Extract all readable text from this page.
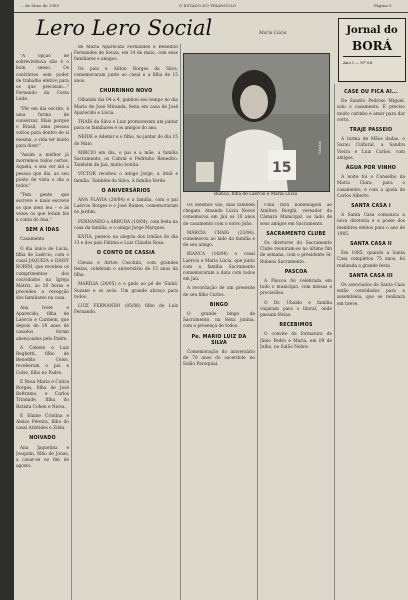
... de Maio de 1985	O ESTADO DO TRIANGULO	Página 5
Lero Lero Social	Maria Lúcia	Jornal do
BORÁ
Ano I — Nº 04

"A opção de sobrevivência não é o bom senso. Os contrários sem poder de trabalho efetivo para os que precisam…" Fernando da Costa Leite.

"Pôr em dia escrito, é uma forma de conservar. Mais porque o Brasil, uma pessoa voltou para dentro de si mesma, a vida ter muito para dizer."

"Assim a melhor já morremos todos certos. Aquela, o seu ver até a pessoa que diz, ao seu ponto de vista o dia a todos."

"Tem gente que escreve e mais escreve os que nem leu – e às vezes os que leram fez a conta do Ana."

SEM A ÍDAS

Casamento

O dia único de Lucia, filha de Laércio, com o casal JAQUEIA e DAISY BORIM, que recebeu os cumprimentos dos convidados na Igreja Matriz, às 16 horas e procedeu a recepção dos familiares na casa.

Ana Ivete e Aparecido, filha de Laércio e Carmem, que depois de 18 anos de casados foram abençoados pelo Padre.

A Celeste e Luiz Beghetti, filho de Benedito Celso, receberam o pai e Celso, filho no Padre.

E Rosa Maria e Catira Borges, filha de José Beltrame, e Carlos Trindade, filha do Batista Cohen e Neiva.

E Elaine Cristina e Aleixo Pereira, filho do casal Aristides e Zilda.

NOIVADO

Ana Jaquelina e Joaquim, filho de Jonas, a casar-se no fim de agosto.

de Maria Aparecida Fernandes e Benedito Fernandes de Souza, em 14 de maio, com seus familiares e amigos.

Os pais e Ailton Borges da Silva, comemoraram junto ao casal e a filha de 15 anos.

CHURRINHO NOVO

Olhando dia 04 a 4, ganhou seu tempo no dia Maria de José Miranda, festa em casa de José Aparecido e Lúcia.

THAÍS da Silva e Luiz promoveram um jantar para os familiares e os amigos do ano.

NEIDE e Ademir e o filho, no jantar do dia 15 de Maio.

MIRCIO em dia, o pai e a mãe, a família Sacramento, os Cabral e Pedrinho Benedito. Também de Jaú, muito bonita.

VICTOR recebeu o amigo Jorge, a irmã e família. Também da Silva. A família Verde.

O ANIVERSÁRIOS

ANA FLÁVIA (20/04) e a família, com o pai Laércio Borges e o José Ramos, comemoraram no jardim.

FERNANDO a ARRUDA (10/04), com festa na casa da família, e o amigo Jorge Marques.

KÁTIA, pensou na alegria dos irmãos do dia 13 e dos pais Fátima e Luiz Cláudio Rosa.

O CONTO DE CASSIA

Cleusa e Airton Ceschini, com grandes festas, celebram o aniversário de 15 anos da filha.

MARÍLIA (20/05) e o gado ao pé de 'Sinhá' Suzane e os avós. Um grande abraço para todos.

LUIZ FERNANDO (05/06) filho de Luiz Fernando.

15
Stúdio
Bianca, filha de Laércio e Maria Lúcia

Os mesmos vão, mas também chegam. Amanda Lúcia Neves comemorou em Jaú os 10 anos de casamento com o noivo João.

MÁRCIA CRAIG (23/04), comemorou ao lado da família e de seu amigo.

BIANCA (16/04) o casal Laércio e Maria Lúcia, que junto com a família Sacramento comemoraram a data com todos em Jaú.

A recordação de um presente de seu filho Carlos.

BINGO

O grande bingo de Sacramento, na festa junina, com a presença de todos.

Pe. MARIO LUIZ DA SILVA

Comemoração do aniversário de 70 anos do sacerdote no Salão Paroquial.

Uma rara homenagem ao Amilton Borghi, vereador da Câmara Municipal, ao lado de seus amigos em Sacramento.

SACRAMENTO CLUBE

Os diretores do Sacramento Clube reuniram-se no último fim de semana, com o presidente Sr. Rubens Sacramento.

PASCOA

A Páscoa foi celebrada em todo o município, com missas e procissões.

O Dr. Ubaldo e família viajaram para o litoral, onde passam férias.

RECEBIMOS

O convite da formatura de Jânio Pedro e Maria, em 09 de Julho, no Salão Nobre.

CASE OU FICA AI...

De Sandro Pedroso Miguel, saiu o casamento. É preciso muito carinho e amor para dar certo.

TRAJE PASSEIO

A turma de Mãos dadas, o Sarau Cultural, a Sandra Vieira e Luiz Carlos, com amigos.

ÁGUA POR VINHO

A noite foi o Conselho da Maria Clara, para o casamento, e com a ajuda de Carlos Alberto.

SANTA CASA I

A Santa Casa comunica a nova diretoria e a posse dos membros eleitos para o ano de 1985.

SANTA CASA II

Em 1985, quando a Santa Casa completou 75 anos, foi realizada a grande festa.

SANTA CASA III

Os associados da Santa Casa estão convidados para a assembleia, que se realizará em breve.
